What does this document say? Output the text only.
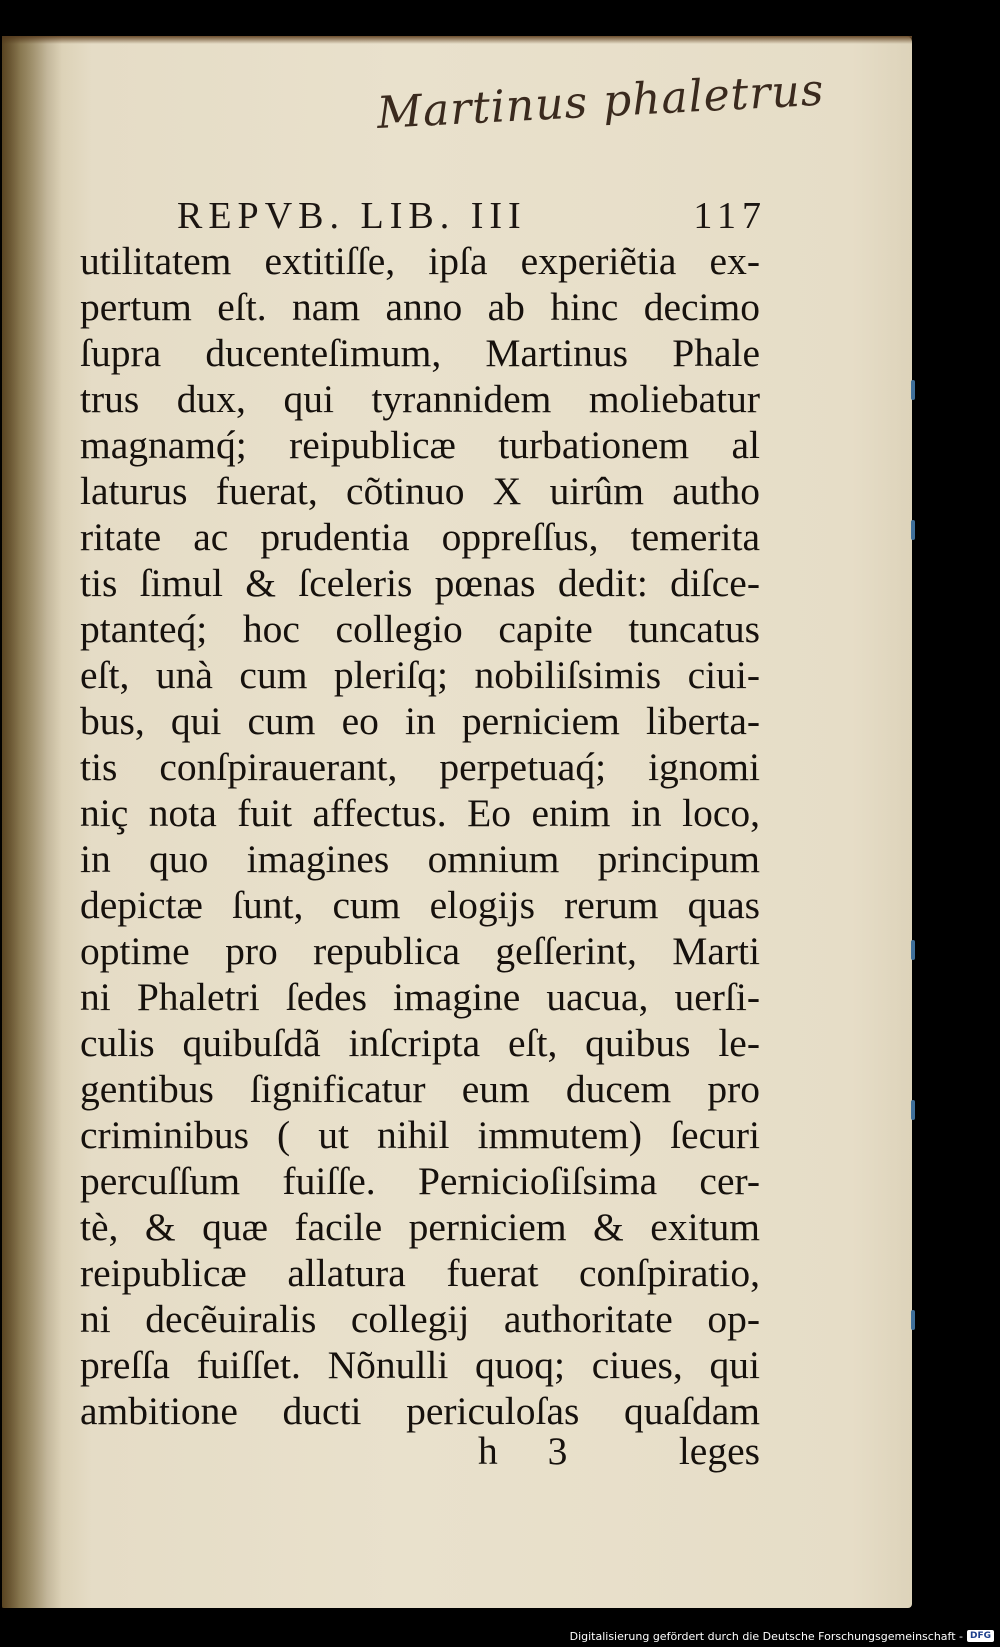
Martinus phaletrus
REPVB. LIB. III	117
utilitatem extitiſſe, ipſa experiẽtia ex-
pertum eſt. nam anno ab hinc decimo
ſupra ducenteſimum, Martinus Phale
trus dux, qui tyrannidem moliebatur
magnamq́; reipublicæ turbationem al
laturus fuerat, cõtinuo X uirûm autho
ritate ac prudentia oppreſſus, temerita
tis ſimul & ſceleris pœnas dedit: diſce-
ptanteq́; hoc collegio capite tuncatus
eſt, unà cum pleriſq; nobiliſsimis ciui-
bus, qui cum eo in perniciem liberta-
tis conſpirauerant, perpetuaq́; ignomi
niç nota fuit affectus. Eo enim in loco,
in quo imagines omnium principum
depictæ ſunt, cum elogijs rerum quas
optime pro republica geſſerint, Marti
ni Phaletri ſedes imagine uacua, uerſi-
culis quibuſdã inſcripta eſt, quibus le-
gentibus ſignificatur eum ducem pro
criminibus ( ut nihil immutem) ſecuri
percuſſum fuiſſe. Pernicioſiſsima cer-
tè, & quæ facile perniciem & exitum
reipublicæ allatura fuerat conſpiratio,
ni decẽuiralis collegij authoritate op-
preſſa fuiſſet. Nõnulli quoq; ciues, qui
ambitione ducti periculoſas quaſdam
h 3 leges
Digitalisierung gefördert durch die Deutsche Forschungsgemeinschaft - DFG
